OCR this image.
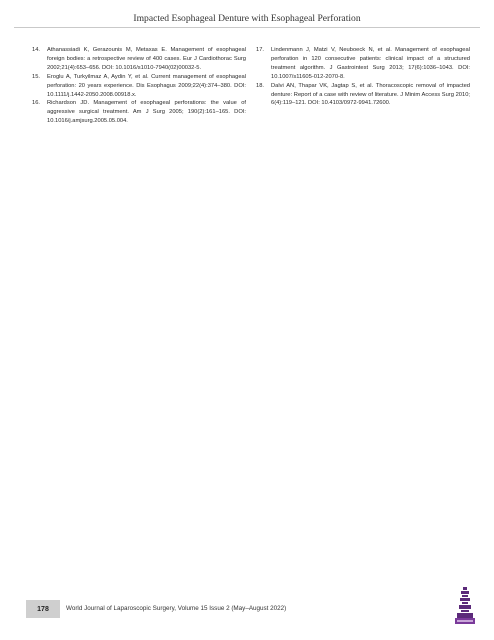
Impacted Esophageal Denture with Esophageal Perforation
14. Athanassiadi K, Gerazounis M, Metaxas E. Management of esophageal foreign bodies: a retrospective review of 400 cases. Eur J Cardiothorac Surg 2002;21(4):653–656. DOI: 10.1016/s1010-7940(02)00032-5.
15. Eroglu A, Turkyilmaz A, Aydin Y, et al. Current management of esophageal perforation: 20 years experience. Dis Esophagus 2009;22(4):374–380. DOI: 10.1111/j.1442-2050.2008.00918.x.
16. Richardson JD. Management of esophageal perforations: the value of aggressive surgical treatment. Am J Surg 2005; 190(2):161–165. DOI: 10.1016/j.amjsurg.2005.05.004.
17. Lindenmann J, Matzi V, Neuboeck N, et al. Management of esophageal perforation in 120 consecutive patients: clinical impact of a structured treatment algorithm. J Gastrointest Surg 2013; 17(6):1036–1043. DOI: 10.1007/s11605-012-2070-8.
18. Dalvi AN, Thapar VK, Jagtap S, et al. Thoracoscopic removal of impacted denture: Report of a case with review of literature. J Minim Access Surg 2010; 6(4):119–121. DOI: 10.4103/0972-9941.72600.
178	World Journal of Laparoscopic Surgery, Volume 15 Issue 2 (May–August 2022)
